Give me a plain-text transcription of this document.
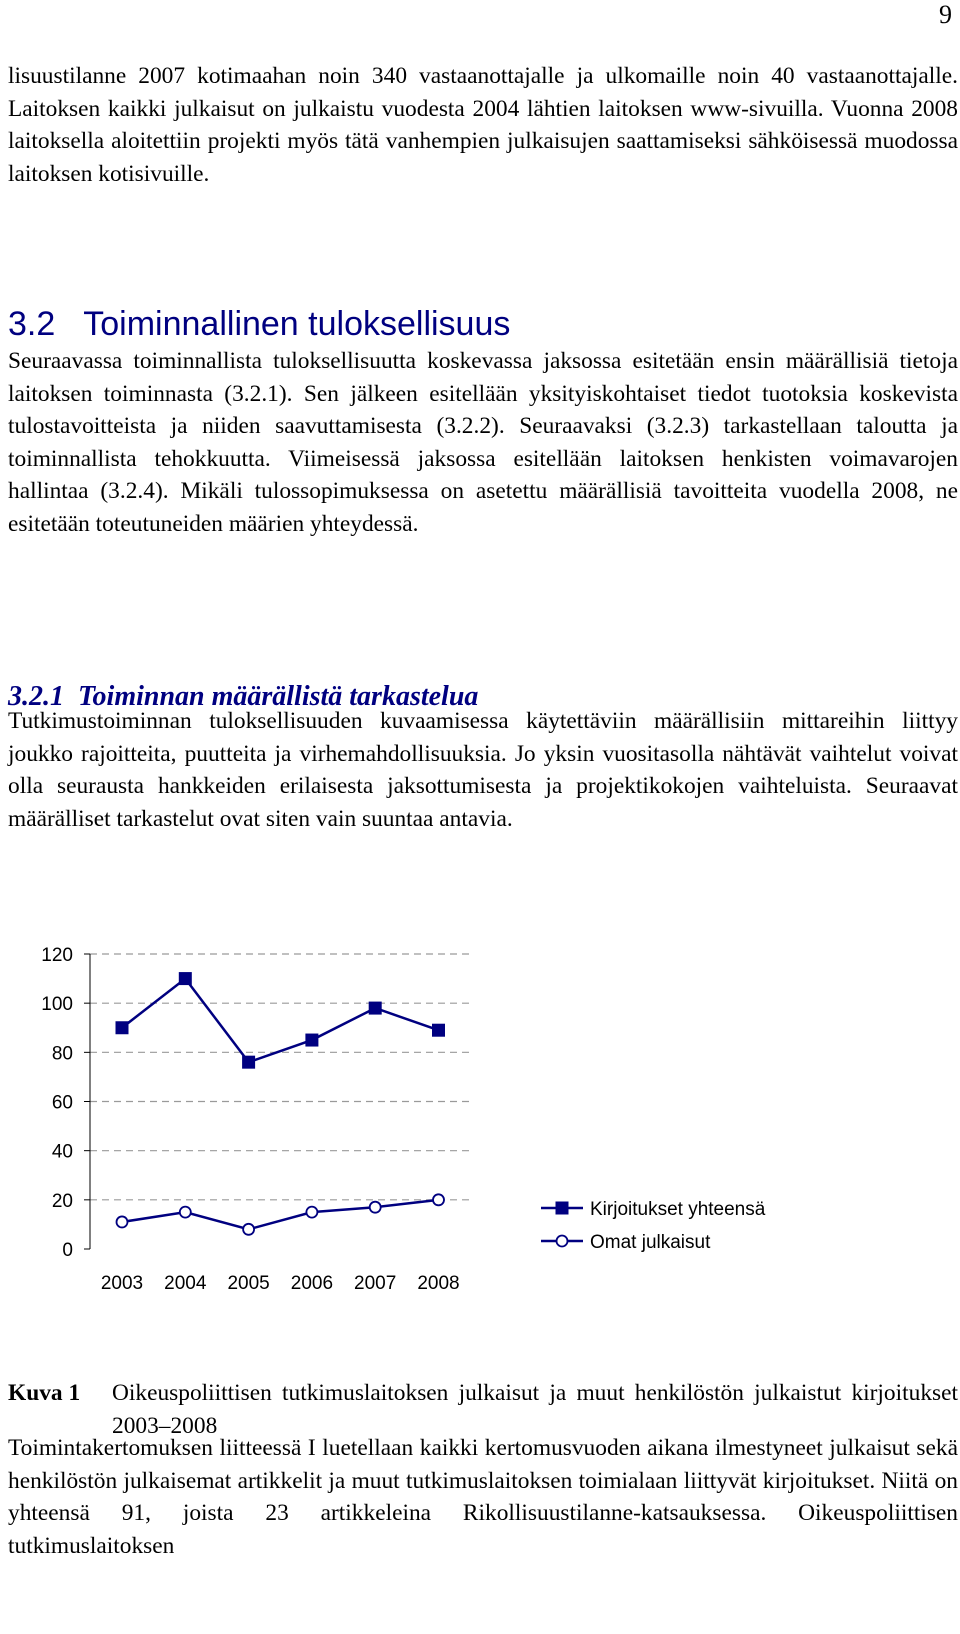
9

lisuustilanne 2007 kotimaahan noin 340 vastaanottajalle ja ulkomaille noin 40 vastaanottajalle. Laitoksen kaikki julkaisut on julkaistu vuodesta 2004 lähtien laitoksen www-sivuilla. Vuonna 2008 laitoksella aloitettiin projekti myös tätä vanhempien julkaisujen saattamiseksi sähköisessä muodossa laitoksen kotisivuille.

3.2 Toiminnallinen tuloksellisuus

Seuraavassa toiminnallista tuloksellisuutta koskevassa jaksossa esitetään ensin määrällisiä tietoja laitoksen toiminnasta (3.2.1). Sen jälkeen esitellään yksityiskohtaiset tiedot tuotoksia koskevista tulostavoitteista ja niiden saavuttamisesta (3.2.2). Seuraavaksi (3.2.3) tarkastellaan taloutta ja toiminnallista tehokkuutta. Viimeisessä jaksossa esitellään laitoksen henkisten voimavarojen hallintaa (3.2.4). Mikäli tulossopimuksessa on asetettu määrällisiä tavoitteita vuodella 2008, ne esitetään toteutuneiden määrien yhteydessä.

3.2.1 Toiminnan määrällistä tarkastelua

Tutkimustoiminnan tuloksellisuuden kuvaamisessa käytettäviin määrällisiin mittareihin liittyy joukko rajoitteita, puutteita ja virhemahdollisuuksia. Jo yksin vuositasolla nähtävät vaihtelut voivat olla seurausta hankkeiden erilaisesta jaksottumisesta ja projektikokojen vaihteluista. Seuraavat määrälliset tarkastelut ovat siten vain suuntaa antavia.

0
20
40
60
80
100
120
2003 2004 2005 2006 2007 2008
Kirjoitukset yhteensä
Omat julkaisut
Kuva 1	Oikeuspoliittisen tutkimuslaitoksen julkaisut ja muut henkilöstön julkaistut kirjoitukset 2003–2008

Toimintakertomuksen liitteessä I luetellaan kaikki kertomusvuoden aikana ilmestyneet julkaisut sekä henkilöstön julkaisemat artikkelit ja muut tutkimuslaitoksen toimialaan liittyvät kirjoitukset. Niitä on yhteensä 91, joista 23 artikkeleina Rikollisuustilanne-katsauksessa. Oikeuspoliittisen tutkimuslaitoksen
